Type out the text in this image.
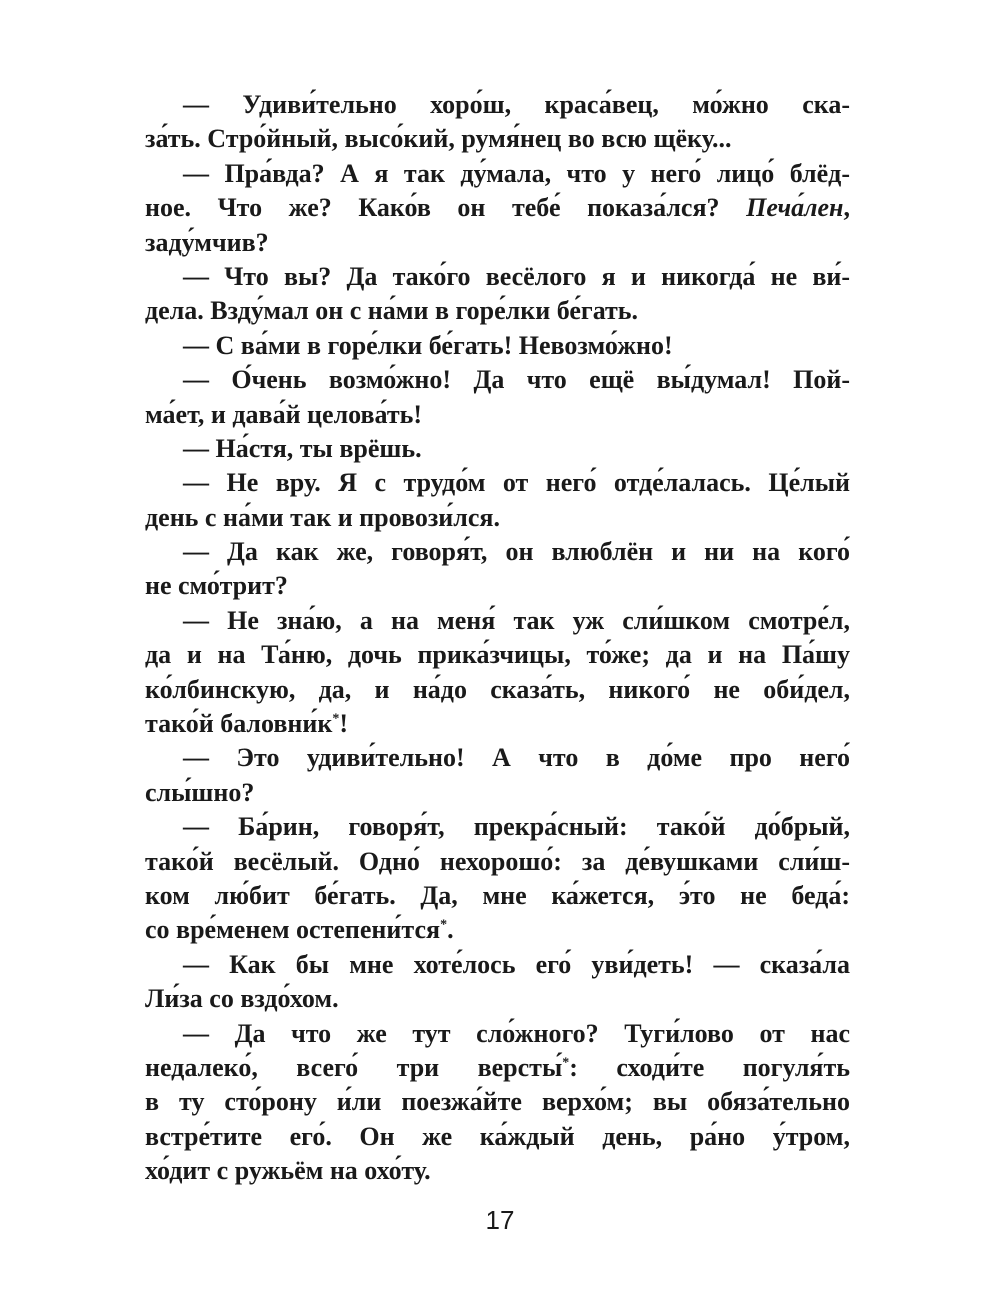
— Удиви́тельно хоро́ш, краса́вец, мо́жно ска-
за́ть. Стро́йный, высо́кий, румя́нец во всю щёку...
— Пра́вда? А я так ду́мала, что у него́ лицо́ блёд-
ное. Что же? Како́в он тебе́ показа́лся? Печа́лен,
заду́мчив?
— Что вы? Да тако́го весёлого я и никогда́ не ви́-
дела. Взду́мал он с на́ми в горе́лки бе́гать.
— С ва́ми в горе́лки бе́гать! Невозмо́жно!
— О́чень возмо́жно! Да что ещё вы́думал! Пой-
ма́ет, и дава́й целова́ть!
— На́стя, ты врёшь.
— Не вру. Я с трудо́м от него́ отде́лалась. Це́лый
день с на́ми так и провози́лся.
— Да как же, говоря́т, он влюблён и ни на кого́
не смо́трит?
— Не зна́ю, а на меня́ так уж сли́шком смотре́л,
да и на Та́ню, дочь прика́зчицы, то́же; да и на Па́шу
ко́лбинскую, да, и на́до сказа́ть, никого́ не оби́дел,
тако́й баловни́к*!
— Это удиви́тельно! А что в до́ме про него́
слы́шно?
— Ба́рин, говоря́т, прекра́сный: тако́й до́брый,
тако́й весёлый. Одно́ нехорошо́: за де́вушками сли́ш-
ком лю́бит бе́гать. Да, мне ка́жется, э́то не беда́:
со вре́менем остепени́тся*.
— Как бы мне хоте́лось его́ уви́деть! — сказа́ла
Ли́за со вздо́хом.
— Да что же тут сло́жного? Туги́лово от нас
недалеко́, всего́ три версты́*: сходи́те погуля́ть
в ту сто́рону и́ли поезжа́йте верхо́м; вы обяза́тельно
встре́тите его́. Он же ка́ждый день, ра́но у́тром,
хо́дит с ружьём на охо́ту.
17
